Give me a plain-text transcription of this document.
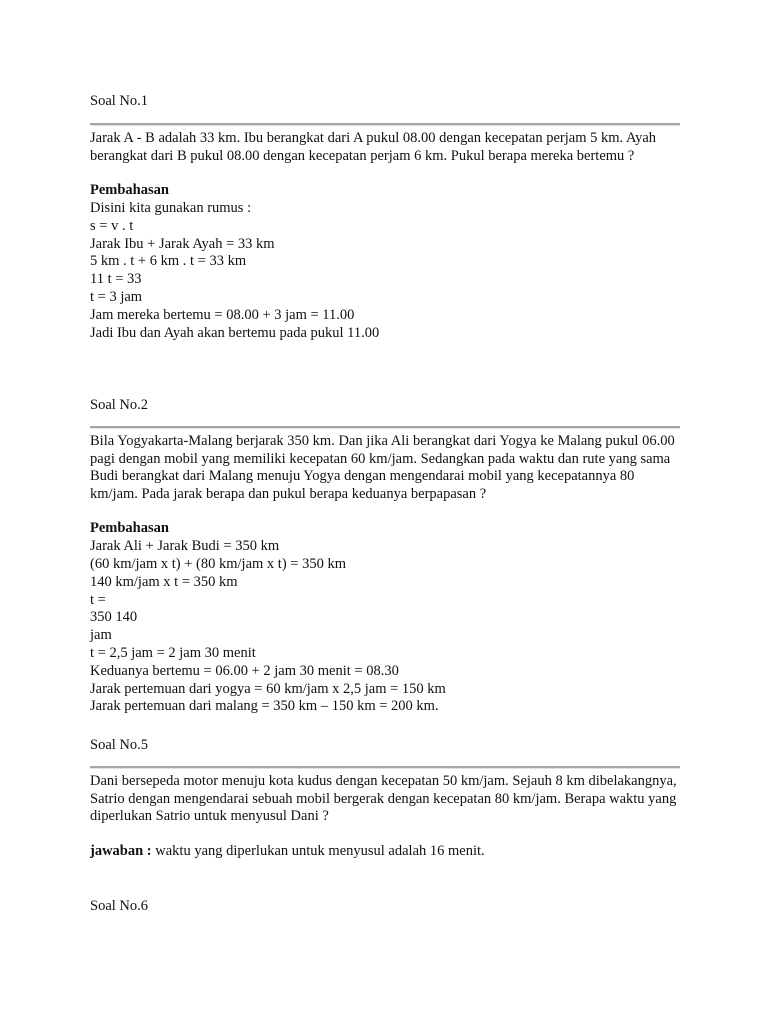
Soal No.1

Jarak A - B adalah 33 km. Ibu berangkat dari A pukul 08.00 dengan kecepatan perjam 5 km. Ayah berangkat dari B pukul 08.00 dengan kecepatan perjam 6 km. Pukul berapa mereka bertemu ?

Pembahasan

Disini kita gunakan rumus :

s = v . t

Jarak Ibu + Jarak Ayah = 33 km

5 km . t + 6 km . t = 33 km

11 t = 33

t = 3 jam

Jam mereka bertemu = 08.00 + 3 jam = 11.00

Jadi Ibu dan Ayah akan bertemu pada pukul 11.00

Soal No.2

Bila Yogyakarta-Malang berjarak 350 km. Dan jika Ali berangkat dari Yogya ke Malang pukul 06.00 pagi dengan mobil yang memiliki kecepatan 60 km/jam. Sedangkan pada waktu dan rute yang sama Budi berangkat dari Malang menuju Yogya dengan mengendarai mobil yang kecepatannya 80 km/jam. Pada jarak berapa dan pukul berapa keduanya berpapasan ?

Pembahasan

Jarak Ali + Jarak Budi = 350 km

(60 km/jam x t) + (80 km/jam x t) = 350 km

140 km/jam x t = 350 km

t =

350 140

jam

t = 2,5 jam = 2 jam 30 menit

Keduanya bertemu = 06.00 + 2 jam 30 menit = 08.30

Jarak pertemuan dari yogya = 60 km/jam x 2,5 jam = 150 km

Jarak pertemuan dari malang = 350 km – 150 km = 200 km.

Soal No.5

Dani bersepeda motor menuju kota kudus dengan kecepatan 50 km/jam. Sejauh 8 km dibelakangnya, Satrio dengan mengendarai sebuah mobil bergerak dengan kecepatan 80 km/jam. Berapa waktu yang diperlukan Satrio untuk menyusul Dani ?

jawaban : waktu yang diperlukan untuk menyusul adalah 16 menit.

Soal No.6
